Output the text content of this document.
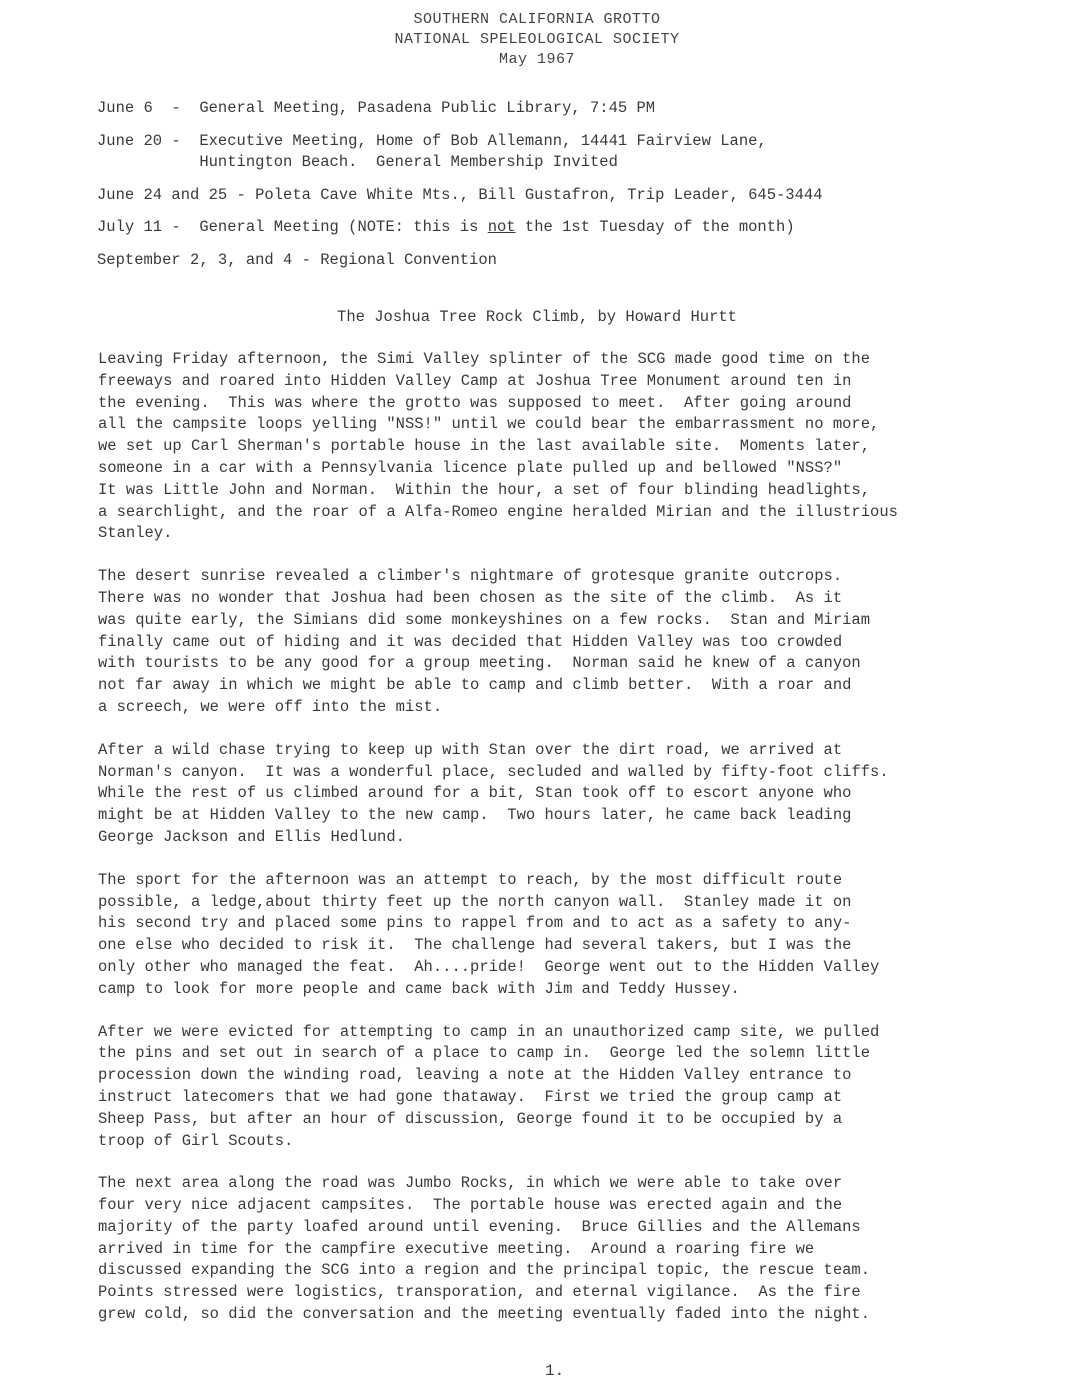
SOUTHERN CALIFORNIA GROTTO
NATIONAL SPELEOLOGICAL SOCIETY
May 1967
June 6  - General Meeting, Pasadena Public Library, 7:45 PM
June 20 - Executive Meeting, Home of Bob Allemann, 14441 Fairview Lane,
Huntington Beach.  General Membership Invited
June 24 and 25 - Poleta Cave White Mts., Bill Gustafron, Trip Leader, 645-3444
July 11 - General Meeting (NOTE: this is not the 1st Tuesday of the month)
September 2, 3, and 4 - Regional Convention
The Joshua Tree Rock Climb, by Howard Hurtt

Leaving Friday afternoon, the Simi Valley splinter of the SCG made good time on the
freeways and roared into Hidden Valley Camp at Joshua Tree Monument around ten in
the evening.  This was where the grotto was supposed to meet.  After going around
all the campsite loops yelling "NSS!" until we could bear the embarrassment no more,
we set up Carl Sherman's portable house in the last available site.  Moments later,
someone in a car with a Pennsylvania licence plate pulled up and bellowed "NSS?"
It was Little John and Norman.  Within the hour, a set of four blinding headlights,
a searchlight, and the roar of a Alfa-Romeo engine heralded Mirian and the illustrious
Stanley.

The desert sunrise revealed a climber's nightmare of grotesque granite outcrops.
There was no wonder that Joshua had been chosen as the site of the climb.  As it
was quite early, the Simians did some monkeyshines on a few rocks.  Stan and Miriam
finally came out of hiding and it was decided that Hidden Valley was too crowded
with tourists to be any good for a group meeting.  Norman said he knew of a canyon
not far away in which we might be able to camp and climb better.  With a roar and
a screech, we were off into the mist.

After a wild chase trying to keep up with Stan over the dirt road, we arrived at
Norman's canyon.  It was a wonderful place, secluded and walled by fifty-foot cliffs.
While the rest of us climbed around for a bit, Stan took off to escort anyone who
might be at Hidden Valley to the new camp.  Two hours later, he came back leading
George Jackson and Ellis Hedlund.

The sport for the afternoon was an attempt to reach, by the most difficult route
possible, a ledge,about thirty feet up the north canyon wall.  Stanley made it on
his second try and placed some pins to rappel from and to act as a safety to any-
one else who decided to risk it.  The challenge had several takers, but I was the
only other who managed the feat.  Ah....pride!  George went out to the Hidden Valley
camp to look for more people and came back with Jim and Teddy Hussey.

After we were evicted for attempting to camp in an unauthorized camp site, we pulled
the pins and set out in search of a place to camp in.  George led the solemn little
procession down the winding road, leaving a note at the Hidden Valley entrance to
instruct latecomers that we had gone thataway.  First we tried the group camp at
Sheep Pass, but after an hour of discussion, George found it to be occupied by a
troop of Girl Scouts.

The next area along the road was Jumbo Rocks, in which we were able to take over
four very nice adjacent campsites.  The portable house was erected again and the
majority of the party loafed around until evening.  Bruce Gillies and the Allemans
arrived in time for the campfire executive meeting.  Around a roaring fire we
discussed expanding the SCG into a region and the principal topic, the rescue team.
Points stressed were logistics, transporation, and eternal vigilance.  As the fire
grew cold, so did the conversation and the meeting eventually faded into the night.

1.
